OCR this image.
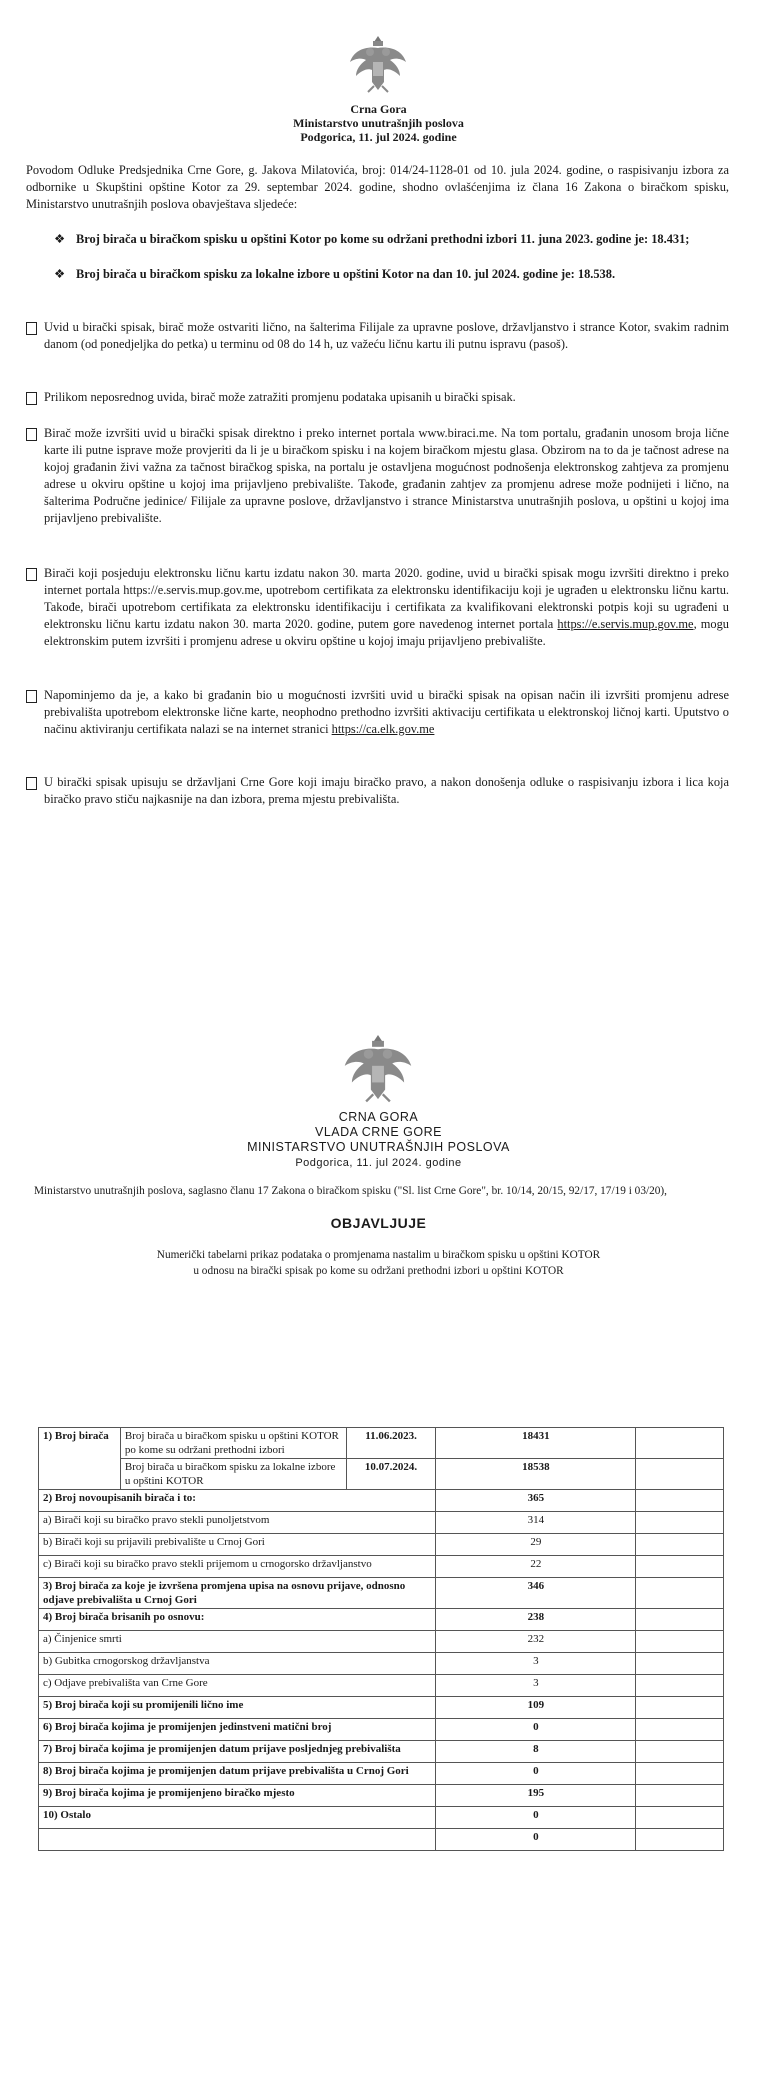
Crna Gora
Ministarstvo unutrašnjih poslova
Podgorica, 11. jul 2024. godine
Povodom Odluke Predsjednika Crne Gore, g. Jakova Milatovića, broj: 014/24-1128-01 od 10. jula 2024. godine, o raspisivanju izbora za odbornike u Skupštini opštine Kotor za 29. septembar 2024. godine, shodno ovlašćenjima iz člana 16 Zakona o biračkom spisku, Ministarstvo unutrašnjih poslova obavještava sljedeće:
❖ Broj birača u biračkom spisku u opštini Kotor po kome su održani prethodni izbori 11. juna 2023. godine je: 18.431;
❖ Broj birača u biračkom spisku za lokalne izbore u opštini Kotor na dan 10. jul 2024. godine je: 18.538.
Uvid u birački spisak, birač može ostvariti lično, na šalterima Filijale za upravne poslove, državljanstvo i strance Kotor, svakim radnim danom (od ponedjeljka do petka) u terminu od 08 do 14 h, uz važeću ličnu kartu ili putnu ispravu (pasoš).
Prilikom neposrednog uvida, birač može zatražiti promjenu podataka upisanih u birački spisak.
Birač može izvršiti uvid u birački spisak direktno i preko internet portala www.biraci.me. Na tom portalu, građanin unosom broja lične karte ili putne isprave može provjeriti da li je u biračkom spisku i na kojem biračkom mjestu glasa. Obzirom na to da je tačnost adrese na kojoj građanin živi važna za tačnost biračkog spiska, na portalu je ostavljena mogućnost podnošenja elektronskog zahtjeva za promjenu adrese u okviru opštine u kojoj ima prijavljeno prebivalište. Takođe, građanin zahtjev za promjenu adrese može podnijeti i lično, na šalterima Područne jedinice/ Filijale za upravne poslove, državljanstvo i strance Ministarstva unutrašnjih poslova, u opštini u kojoj ima prijavljeno prebivalište.
Birači koji posjeduju elektronsku ličnu kartu izdatu nakon 30. marta 2020. godine, uvid u birački spisak mogu izvršiti direktno i preko internet portala https://e.servis.mup.gov.me, upotrebom certifikata za elektronsku identifikaciju koji je ugrađen u elektronsku ličnu kartu. Takođe, birači upotrebom certifikata za elektronsku identifikaciju i certifikata za kvalifikovani elektronski potpis koji su ugrađeni u elektronsku ličnu kartu izdatu nakon 30. marta 2020. godine, putem gore navedenog internet portala https://e.servis.mup.gov.me, mogu elektronskim putem izvršiti i promjenu adrese u okviru opštine u kojoj imaju prijavljeno prebivalište.
Napominjemo da je, a kako bi građanin bio u mogućnosti izvršiti uvid u birački spisak na opisan način ili izvršiti promjenu adrese prebivališta upotrebom elektronske lične karte, neophodno prethodno izvršiti aktivaciju certifikata u elektronskoj ličnoj karti. Uputstvo o načinu aktiviranju certifikata nalazi se na internet stranici https://ca.elk.gov.me
U birački spisak upisuju se državljani Crne Gore koji imaju biračko pravo, a nakon donošenja odluke o raspisivanju izbora i lica koja biračko pravo stiču najkasnije na dan izbora, prema mjestu prebivališta.
CRNA GORA
VLADA CRNE GORE
MINISTARSTVO UNUTRAŠNJIH POSLOVA
Podgorica, 11. jul 2024. godine
Ministarstvo unutrašnjih poslova, saglasno članu 17 Zakona o biračkom spisku ("Sl. list Crne Gore", br. 10/14, 20/15, 92/17, 17/19 i 03/20),
OBJAVLJUJE
Numerički tabelarni prikaz podataka o promjenama nastalim u biračkom spisku u opštini KOTOR
u odnosu na birački spisak po kome su održani prethodni izbori u opštini KOTOR
1) Broj birača	Broj birača u biračkom spisku u opštini KOTOR po kome su održani prethodni izbori	11.06.2023.	18431	
	Broj birača u biračkom spisku za lokalne izbore u opštini KOTOR	10.07.2024.	18538	
2) Broj novoupisanih birača i to:			365	
a) Birači koji su biračko pravo stekli punoljetstvom			314	
b) Birači koji su prijavili prebivalište u Crnoj Gori			29	
c) Birači koji su biračko pravo stekli prijemom u crnogorsko državljanstvo			22	
3) Broj birača za koje je izvršena promjena upisa na osnovu prijave, odnosno odjave prebivališta u Crnoj Gori			346	
4) Broj birača brisanih po osnovu:			238	
a) Činjenice smrti			232	
b) Gubitka crnogorskog državljanstva			3	
c) Odjave prebivališta van Crne Gore			3	
5) Broj birača koji su promijenili lično ime			109	
6) Broj birača kojima je promijenjen jedinstveni matični broj			0	
7) Broj birača kojima je promijenjen datum prijave posljednjeg prebivališta			8	
8) Broj birača kojima je promijenjen datum prijave prebivališta u Crnoj Gori			0	
9) Broj birača kojima je promijenjeno biračko mjesto			195	
10) Ostalo			0	
			0	
